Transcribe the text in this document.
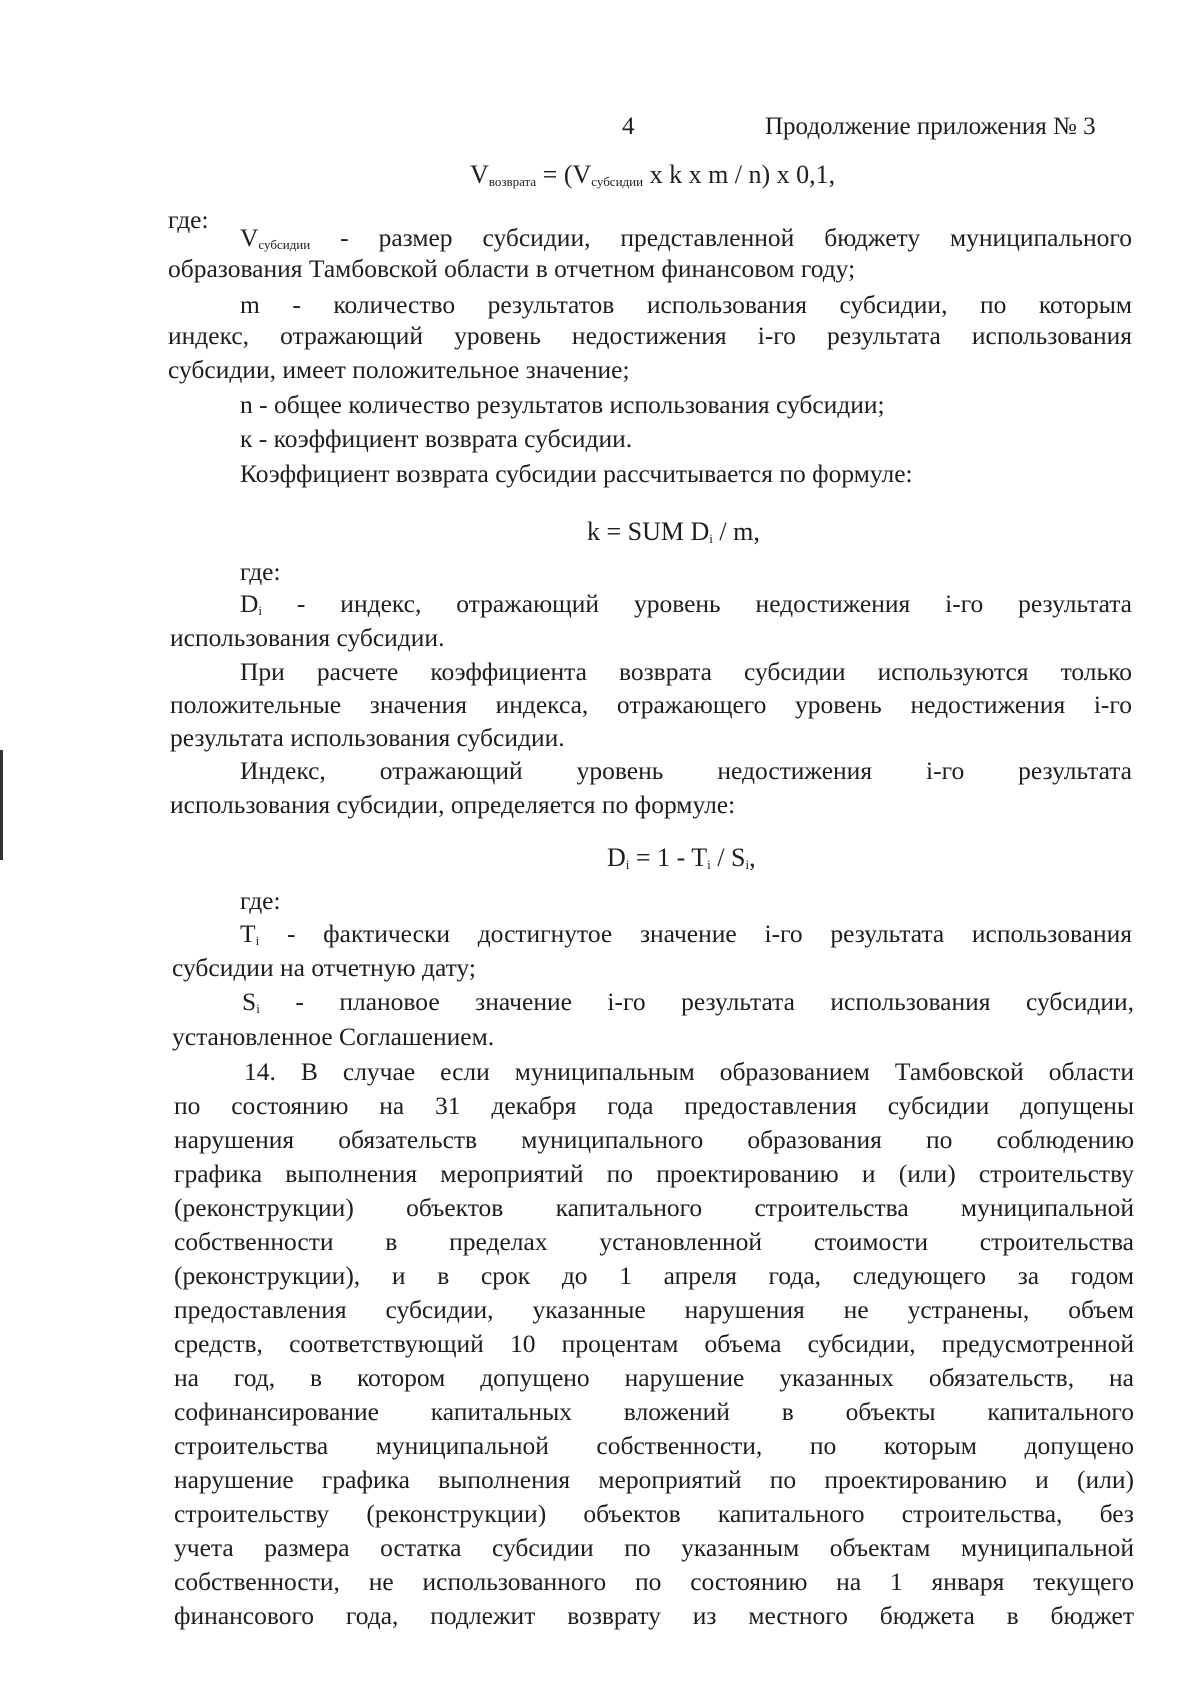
4	Продолжение приложения № 3
$V_{возврата} = (V_{субсидии}$ x k x m / n) x 0,1,
где:
$V_{субсидии}$ - размер субсидии, представленной бюджету муниципального
образования Тамбовской области в отчетном финансовом году;
m - количество результатов использования субсидии, по которым
индекс, отражающий уровень недостижения i-го результата использования
субсидии, имеет положительное значение;
n - общее количество результатов использования субсидии;
к - коэффициент возврата субсидии.
Коэффициент возврата субсидии рассчитывается по формуле:
k = SUM $D_i$ / m,
где:
$D_i$ - индекс, отражающий уровень недостижения i-го результата
использования субсидии.
При расчете коэффициента возврата субсидии используются только
положительные значения индекса, отражающего уровень недостижения i-го
результата использования субсидии.
Индекс, отражающий уровень недостижения i-го результата
использования субсидии, определяется по формуле:
$D_i = 1 - T_i / S_i$,
где:
$T_i$ - фактически достигнутое значение i-го результата использования
субсидии на отчетную дату;
$S_i$ - плановое значение i-го результата использования субсидии,
установленное Соглашением.
14. В случае если муниципальным образованием Тамбовской области
по состоянию на 31 декабря года предоставления субсидии допущены
нарушения обязательств муниципального образования по соблюдению
графика выполнения мероприятий по проектированию и (или) строительству
(реконструкции) объектов капитального строительства муниципальной
собственности в пределах установленной стоимости строительства
(реконструкции), и в срок до 1 апреля года, следующего за годом
предоставления субсидии, указанные нарушения не устранены, объем
средств, соответствующий 10 процентам объема субсидии, предусмотренной
на год, в котором допущено нарушение указанных обязательств, на
софинансирование капитальных вложений в объекты капитального
строительства муниципальной собственности, по которым допущено
нарушение графика выполнения мероприятий по проектированию и (или)
строительству (реконструкции) объектов капитального строительства, без
учета размера остатка субсидии по указанным объектам муниципальной
собственности, не использованного по состоянию на 1 января текущего
финансового года, подлежит возврату из местного бюджета в бюджет
